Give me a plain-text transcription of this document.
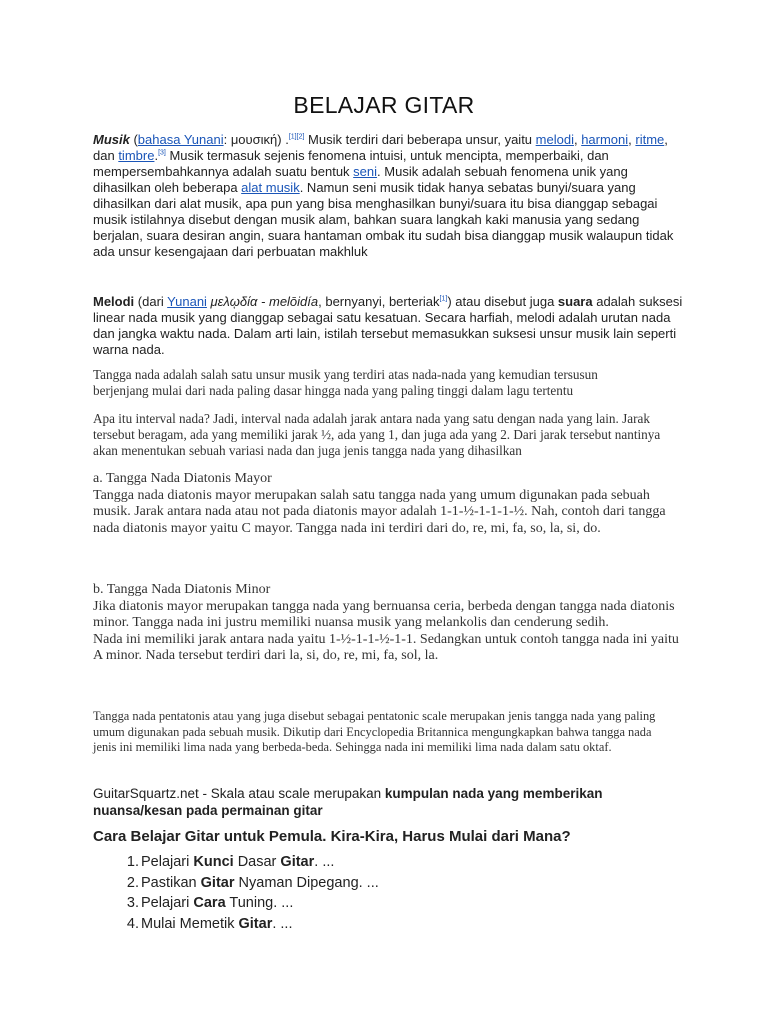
BELAJAR GITAR

Musik (bahasa Yunani: μουσική) .[1][2] Musik terdiri dari beberapa unsur, yaitu melodi, harmoni, ritme, dan timbre.[3] Musik termasuk sejenis fenomena intuisi, untuk mencipta, memperbaiki, dan mempersembahkannya adalah suatu bentuk seni. Musik adalah sebuah fenomena unik yang dihasilkan oleh beberapa alat musik. Namun seni musik tidak hanya sebatas bunyi/suara yang dihasilkan dari alat musik, apa pun yang bisa menghasilkan bunyi/suara itu bisa dianggap sebagai musik istilahnya disebut dengan musik alam, bahkan suara langkah kaki manusia yang sedang berjalan, suara desiran angin, suara hantaman ombak itu sudah bisa dianggap musik walaupun tidak ada unsur kesengajaan dari perbuatan makhluk

Melodi (dari Yunani μελῳδία - melōidía, bernyanyi, berteriak[1]) atau disebut juga suara adalah suksesi linear nada musik yang dianggap sebagai satu kesatuan. Secara harfiah, melodi adalah urutan nada dan jangka waktu nada. Dalam arti lain, istilah tersebut memasukkan suksesi unsur musik lain seperti warna nada.

Tangga nada adalah salah satu unsur musik yang terdiri atas nada-nada yang kemudian tersusun berjenjang mulai dari nada paling dasar hingga nada yang paling tinggi dalam lagu tertentu

Apa itu interval nada? Jadi, interval nada adalah jarak antara nada yang satu dengan nada yang lain. Jarak tersebut beragam, ada yang memiliki jarak ½, ada yang 1, dan juga ada yang 2. Dari jarak tersebut nantinya akan menentukan sebuah variasi nada dan juga jenis tangga nada yang dihasilkan

a. Tangga Nada Diatonis Mayor
Tangga nada diatonis mayor merupakan salah satu tangga nada yang umum digunakan pada sebuah musik. Jarak antara nada atau not pada diatonis mayor adalah 1-1-½-1-1-1-½. Nah, contoh dari tangga nada diatonis mayor yaitu C mayor. Tangga nada ini terdiri dari do, re, mi, fa, so, la, si, do.
b. Tangga Nada Diatonis Minor
Jika diatonis mayor merupakan tangga nada yang bernuansa ceria, berbeda dengan tangga nada diatonis minor. Tangga nada ini justru memiliki nuansa musik yang melankolis dan cenderung sedih.
Nada ini memiliki jarak antara nada yaitu 1-½-1-1-½-1-1. Sedangkan untuk contoh tangga nada ini yaitu A minor. Nada tersebut terdiri dari la, si, do, re, mi, fa, sol, la.

Tangga nada pentatonis atau yang juga disebut sebagai pentatonic scale merupakan jenis tangga nada yang paling umum digunakan pada sebuah musik. Dikutip dari Encyclopedia Britannica mengungkapkan bahwa tangga nada jenis ini memiliki lima nada yang berbeda-beda. Sehingga nada ini memiliki lima nada dalam satu oktaf.

GuitarSquartz.net - Skala atau scale merupakan kumpulan nada yang memberikan nuansa/kesan pada permainan gitar

Cara Belajar Gitar untuk Pemula. Kira-Kira, Harus Mulai dari Mana?
1. Pelajari Kunci Dasar Gitar. ...
2. Pastikan Gitar Nyaman Dipegang. ...
3. Pelajari Cara Tuning. ...
4. Mulai Memetik Gitar. ...
